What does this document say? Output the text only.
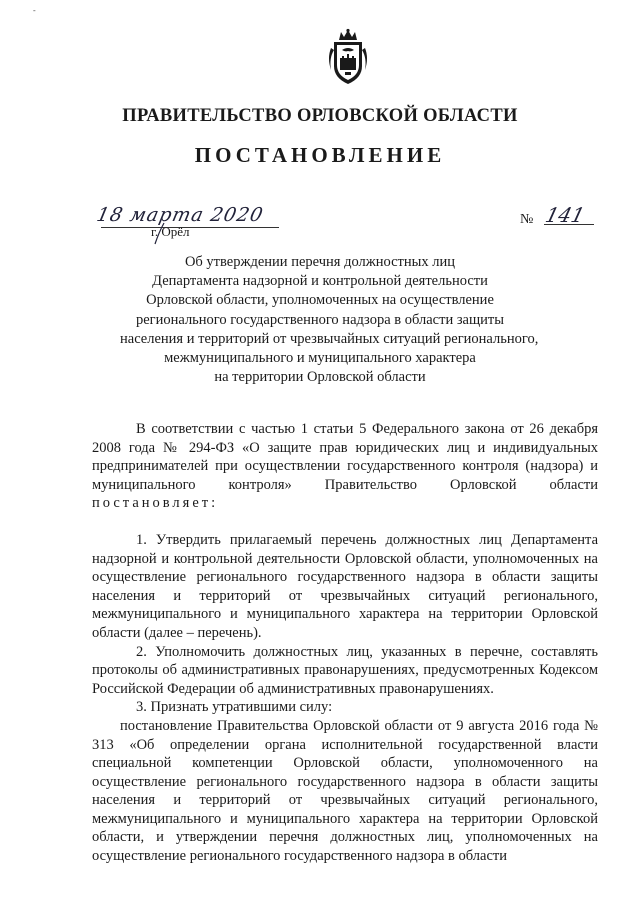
-
ПРАВИТЕЛЬСТВО ОРЛОВСКОЙ ОБЛАСТИ
ПОСТАНОВЛЕНИЕ
18 марта 2020
г. Орёл
№ 141
Об утверждении перечня должностных лиц
Департамента надзорной и контрольной деятельности
Орловской области, уполномоченных на осуществление
регионального государственного надзора в области защиты
населения и территорий от чрезвычайных ситуаций регионального,
межмуниципального и муниципального характера
на территории Орловской области

В соответствии с частью 1 статьи 5 Федерального закона от 26 декабря 2008 года № 294-ФЗ «О защите прав юридических лиц и индивидуальных предпринимателей при осуществлении государственного контроля (надзора) и муниципального контроля» Правительство Орловской области постановляет:

1. Утвердить прилагаемый перечень должностных лиц Департамента надзорной и контрольной деятельности Орловской области, уполномоченных на осуществление регионального государственного надзора в области защиты населения и территорий от чрезвычайных ситуаций регионального, межмуниципального и муниципального характера на территории Орловской области (далее – перечень).

2. Уполномочить должностных лиц, указанных в перечне, составлять протоколы об административных правонарушениях, предусмотренных Кодексом Российской Федерации об административных правонарушениях.

3. Признать утратившими силу:

постановление Правительства Орловской области от 9 августа 2016 года № 313 «Об определении органа исполнительной государственной власти специальной компетенции Орловской области, уполномоченного на осуществление регионального государственного надзора в области защиты населения и территорий от чрезвычайных ситуаций регионального, межмуниципального и муниципального характера на территории Орловской области, и утверждении перечня должностных лиц, уполномоченных на осуществление регионального государственного надзора в области
